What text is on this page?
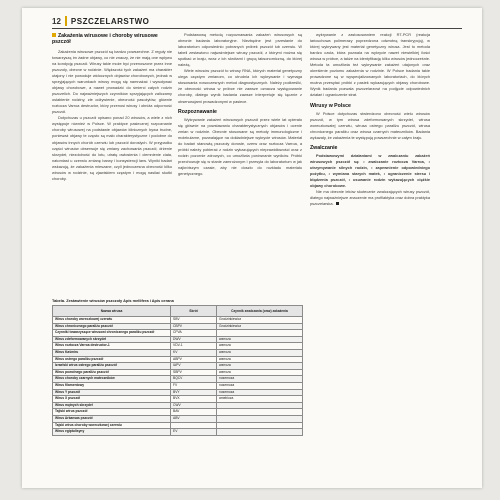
12 PSZCZELARSTWO
Zakażenia wirusowe i choroby wirusowe pszczół

Zakażenia wirusowe pszczół są bardzo powszechne. Z reguły nie towarzyszą im żadne objawy, co nie znaczy, że nie mają one wpływu na kondycję pszczół. Wirusy takie może być przenoszone przez inne pszczoły, obecne w rodzinie. Większość tych zakażeń ma charakter utajony i nie powoduje widocznych objawów chorobowych, jednak w sprzyjających warunkach wirusy mogą się namnażać i wywoływać objawy chorobowe, a nawet prowadzić do śmierci całych rodzin pszczelich. Do najważniejszych czynników sprzyjających zaliczamy osłabienie rodziny, złe odżywienie, obecność pasożytów, głównie roztocza Varroa destructor, który przenosi wirusy i obniża odporność pszczół.

Dotychczas u pszczół opisano ponad 20 wirusów, a wiele z nich występuje również w Polsce. W praktyce pasiecznej rozpoznanie choroby wirusowej na podstawie objawów klinicznych bywa trudne, ponieważ objawy te często są mało charakterystyczne i podobne do objawów innych chorób czerwiu lub pszczół dorosłych. W przypadku części wirusów obserwuje się zmiany zachowania pszczół, drżenie skrzydeł, niezdolność do lotu, utratę owłosienia i ciemnienie ciała, natomiast u czerwiu zmianę barwy i konsystencji larw. Wyniki badań wskazują, że zakażenia mieszane, czyli jednoczesna obecność kilku wirusów w rodzinie, są zjawiskiem częstym i mogą nasilać skutki choroby.

Podstawową metodą rozpoznawania zakażeń wirusowych są obecnie badania laboratoryjne. Niezbędne jest przesłanie do laboratorium odpowiednio pobranych próbek pszczół lub czerwiu. W tabeli zestawiono najważniejsze wirusy pszczół, z którymi można się spotkać w kraju, wraz z ich skrótami i grupą taksonomiczną, do której należą.

Wiele wirusów pszczół to wirusy RNA, których materiał genetyczny ulega częstym zmianom, co utrudnia ich wykrywanie i wymaga stosowania nowoczesnych metod diagnostycznych. Należy podkreślić, że obecność wirusa w próbce nie zawsze oznacza występowanie choroby, dlatego wynik badania zawsze interpretuje się łącznie z obserwacjami prowadzonymi w pasiece.

Rozpoznawanie

Wykrywanie zakażeń wirusowych pszczół przez wiele lat opierało się głównie na powstawaniu charakterystycznych objawów i ocenie zmian w rodzinie. Obecnie stosowane są metody immunologiczne i molekularne, pozwalające na dokładniejsze wykrycie wirusów. Materiał do badań stanowią pszczoły dorosłe, czerw oraz roztocza Varroa, a próbki należy pobierać z rodzin wykazujących nieprawidłowości oraz z rodzin pozornie zdrowych, co umożliwia porównanie wyników. Próbki przechowuje się w stanie zamrożonym i przesyła do laboratorium w jak najkrótszym czasie, aby nie doszło do rozkładu materiału genetycznego.

wykrywanie z zastosowaniem reakcji RT-PCR (reakcja łańcuchowa polimerazy poprzedzona odwrotną transkrypcją), w której wykrywany jest materiał genetyczny wirusa. Jest to metoda bardzo czuła, która pozwala na wykrycie nawet niewielkiej ilości wirusa w próbce, a także na identyfikację kilku wirusów jednocześnie. Metoda ta umożliwia też wykrywanie zakażeń utajonych oraz określenie poziomu zakażenia w rodzinie. W Polsce badania takie prowadzone są w wyspecjalizowanych laboratoriach, do których można przesyłać próbki z pasiek wykazujących objawy chorobowe. Wynik badania pozwala pszczelarzowi na podjęcie odpowiednich działań i ograniczenie strat.

Wirusy w Polsce

W Polsce dotychczas stwierdzono obecność wielu wirusów pszczół, w tym wirusa zdeformowanych skrzydeł, wirusa woreczkowatej czerwiu, wirusa ostrego paraliżu pszczół, wirusa chronicznego paraliżu oraz wirusa czarnych mateczników. Badania wykazały, że zakażenia te występują powszechnie w całym kraju.

Zwalczanie

Podstawowymi działaniami w zwalczaniu zakażeń wirusowych pszczół są: • zwalczanie roztocza Varroa, • utrzymywanie silnych rodzin, • zapewnienie odpowiedniego pożytku, • wymiana starych matek, • ograniczenie stresu i błądzenia pszczół, • usuwanie rodzin wykazujących ciężkie objawy chorobowe.

Nie ma obecnie leków skutecznie zwalczających wirusy pszczół, dlatego najważniejsze znaczenie ma profilaktyka oraz dobra praktyka pszczelarska.

Tabela. Zestawienie wirusów pszczoły Apis mellifera i Apis cerana
Nazwa wirusa	Skrót	Czynnik zwalczania (oraz) zakażenia
Wirus choroby woreczkowej czerwiu	SBV	Grodzinkiewicz
Wirus chronicznego paraliżu pszczół	CBPV	Grodzinkiewicz
Czynniki towarzyszące wirusowi chronicznego paraliżu pszczół	CPVA	
Wirus zdeformowanych skrzydeł	DWV	warroza
Wirus roztocza Varroa destructor-1	VDV-1	warroza
Wirus Kašmiru	KV	warroza
Wirus ostrego paraliżu pszczół	ABPV	warroza
Izraelski wirus ostrego paraliżu pszczół	IAPV	warroza
Wirus powolnego paraliżu pszczół	SBPV	warroza
Wirus choroby czarnych mateczników	BQCV	nosemoza
Wirus filamentowy	FV	nosemoza
Wirus Y pszczół	BVY	nosemoza
Wirus X pszczół	BVX	amebioza
Wirus mętnych skrzydeł	CWV	
Tajlski wirus pszczół	BAV	
Wirus Arkansas pszczół	ABV	
Tajski wirus choroby woreczkowej czerwiu		
Wirus egiptulisyny	EV	
